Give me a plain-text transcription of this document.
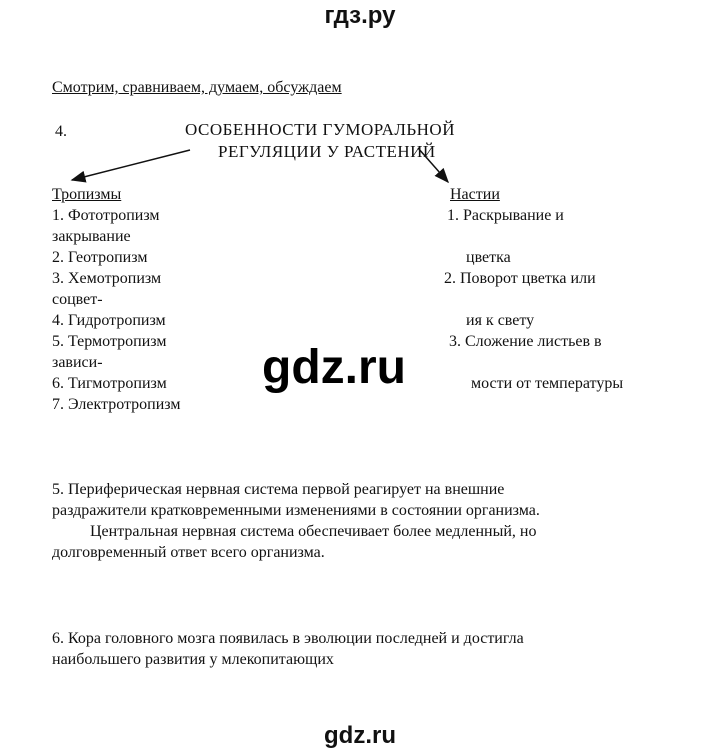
гдз.ру
Смотрим, сравниваем, думаем, обсуждаем
4.	ОСОБЕННОСТИ ГУМОРАЛЬНОЙ
РЕГУЛЯЦИИ У РАСТЕНИЙ
Тропизмы
1. Фототропизм
закрывание
2. Геотропизм
3. Хемотропизм
соцвет-
4. Гидротропизм
5. Термотропизм
зависи-
6. Тигмотропизм
7. Электротропизм
Настии
1. Раскрывание и
цветка
2. Поворот цветка или
ия к свету
3. Сложение листьев в
мости от температуры
gdz.ru
5. Периферическая нервная система первой реагирует на внешние
раздражители кратковременными изменениями в состоянии организма.
Центральная нервная система обеспечивает более медленный, но
долговременный ответ всего организма.
6. Кора головного мозга появилась в эволюции последней и достигла
наибольшего развития у млекопитающих
gdz.ru
